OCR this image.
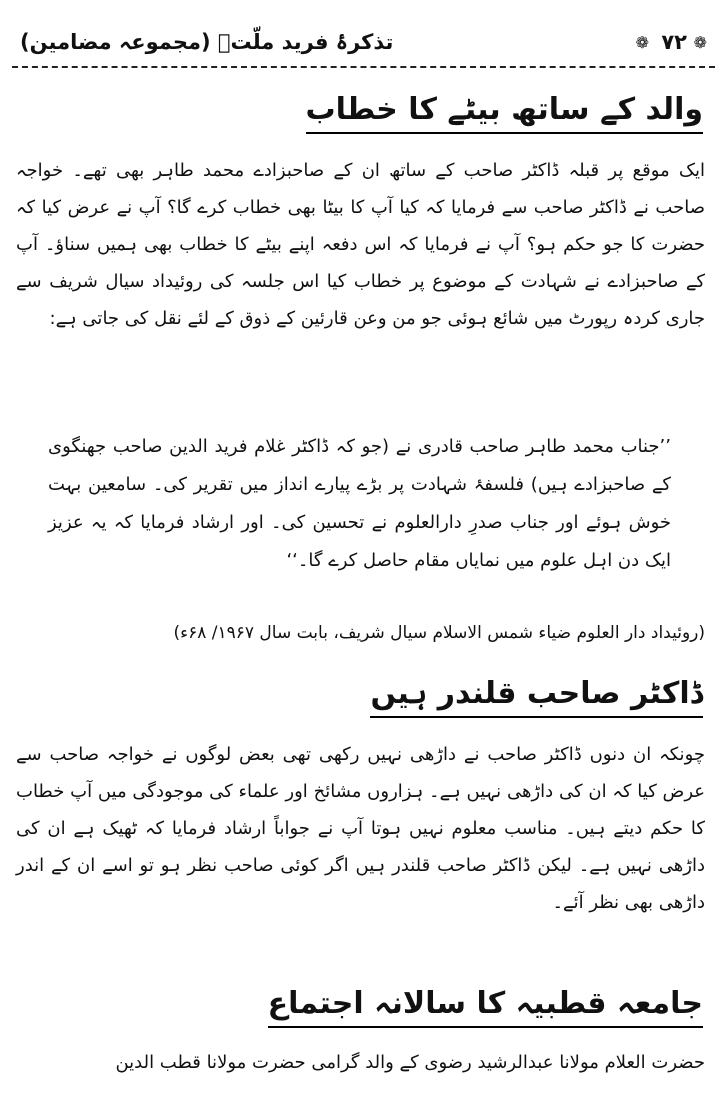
❁
۷۲
❁
تذکرۂ فرید ملّتؒ (مجموعہ مضامین)
والد کے ساتھ بیٹے کا خطاب

ایک موقع پر قبلہ ڈاکٹر صاحب کے ساتھ ان کے صاحبزادے محمد طاہر بھی تھے۔ خواجہ صاحب نے ڈاکٹر صاحب سے فرمایا کہ کیا آپ کا بیٹا بھی خطاب کرے گا؟ آپ نے عرض کیا کہ حضرت کا جو حکم ہو؟ آپ نے فرمایا کہ اس دفعہ اپنے بیٹے کا خطاب بھی ہمیں سناؤ۔ آپ کے صاحبزادے نے شہادت کے موضوع پر خطاب کیا اس جلسہ کی روئیداد سیال شریف سے جاری کردہ رپورٹ میں شائع ہوئی جو من وعن قارئین کے ذوق کے لئے نقل کی جاتی ہے:

’’جناب محمد طاہر صاحب قادری نے (جو کہ ڈاکٹر غلام فرید الدین صاحب جھنگوی کے صاحبزادے ہیں) فلسفۂ شہادت پر بڑے پیارے انداز میں تقریر کی۔ سامعین بہت خوش ہوئے اور جناب صدرِ دارالعلوم نے تحسین کی۔ اور ارشاد فرمایا کہ یہ عزیز ایک دن اہل علوم میں نمایاں مقام حاصل کرے گا۔‘‘

(روئیداد دار العلوم ضیاء شمس الاسلام سیال شریف، بابت سال ۱۹۶۷/ ۶۸ء)

ڈاکٹر صاحب قلندر ہیں

چونکہ ان دنوں ڈاکٹر صاحب نے داڑھی نہیں رکھی تھی بعض لوگوں نے خواجہ صاحب سے عرض کیا کہ ان کی داڑھی نہیں ہے۔ ہزاروں مشائخ اور علماء کی موجودگی میں آپ خطاب کا حکم دیتے ہیں۔ مناسب معلوم نہیں ہوتا آپ نے جواباً ارشاد فرمایا کہ ٹھیک ہے ان کی داڑھی نہیں ہے۔ لیکن ڈاکٹر صاحب قلندر ہیں اگر کوئی صاحب نظر ہو تو اسے ان کے اندر داڑھی بھی نظر آئے۔

جامعہ قطبیہ کا سالانہ اجتماع

حضرت العلام مولانا عبدالرشید رضوی کے والد گرامی حضرت مولانا قطب الدین
